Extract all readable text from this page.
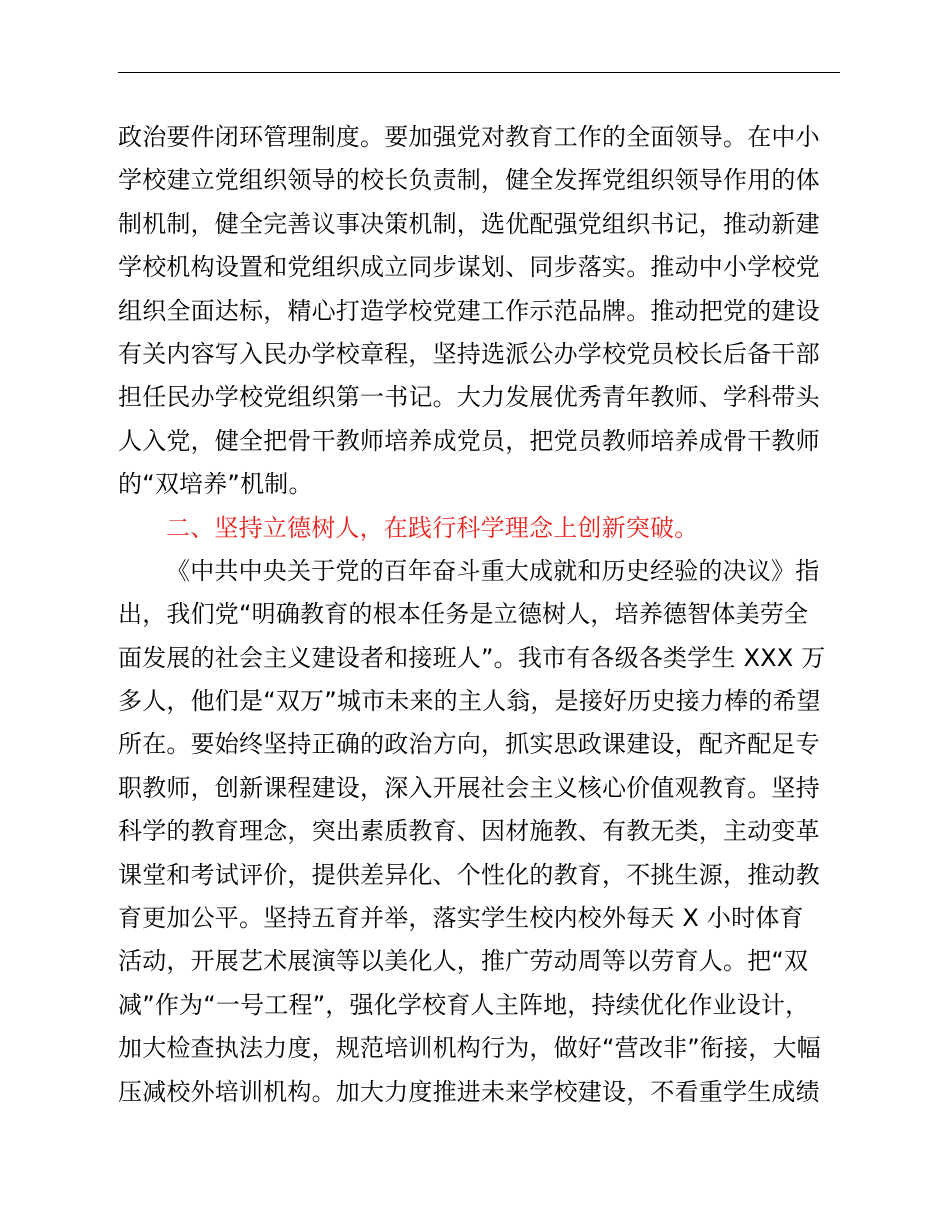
政治要件闭环管理制度。要加强党对教育工作的全面领导。在中小
学校建立党组织领导的校长负责制，健全发挥党组织领导作用的体
制机制，健全完善议事决策机制，选优配强党组织书记，推动新建
学校机构设置和党组织成立同步谋划、同步落实。推动中小学校党
组织全面达标，精心打造学校党建工作示范品牌。推动把党的建设
有关内容写入民办学校章程，坚持选派公办学校党员校长后备干部
担任民办学校党组织第一书记。大力发展优秀青年教师、学科带头
人入党，健全把骨干教师培养成党员，把党员教师培养成骨干教师
的“双培养”机制。
二、坚持立德树人，在践行科学理念上创新突破。
《中共中央关于党的百年奋斗重大成就和历史经验的决议》指
出，我们党“明确教育的根本任务是立德树人，培养德智体美劳全
面发展的社会主义建设者和接班人”。我市有各级各类学生 XXX 万
多人，他们是“双万”城市未来的主人翁，是接好历史接力棒的希望
所在。要始终坚持正确的政治方向，抓实思政课建设，配齐配足专
职教师，创新课程建设，深入开展社会主义核心价值观教育。坚持
科学的教育理念，突出素质教育、因材施教、有教无类，主动变革
课堂和考试评价，提供差异化、个性化的教育，不挑生源，推动教
育更加公平。坚持五育并举，落实学生校内校外每天 X 小时体育
活动，开展艺术展演等以美化人，推广劳动周等以劳育人。把“双
减”作为“一号工程”，强化学校育人主阵地，持续优化作业设计，
加大检查执法力度，规范培训机构行为，做好“营改非”衔接，大幅
压减校外培训机构。加大力度推进未来学校建设，不看重学生成绩
